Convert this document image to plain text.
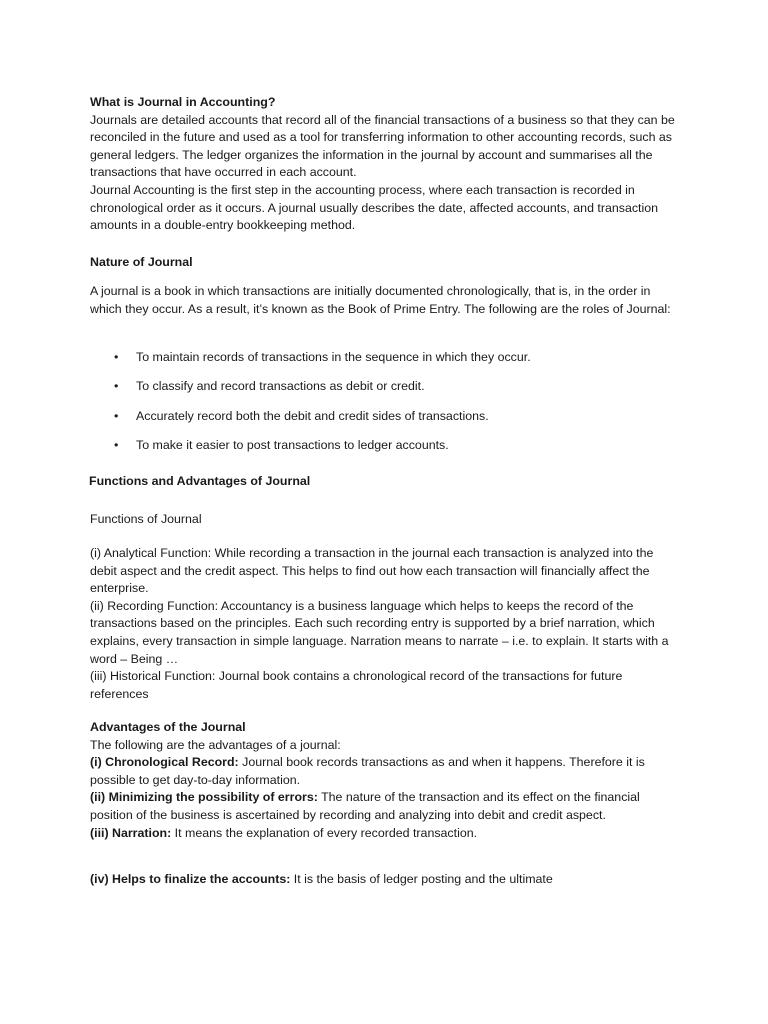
What is Journal in Accounting?
Journals are detailed accounts that record all of the financial transactions of a business so that they can be reconciled in the future and used as a tool for transferring information to other accounting records, such as general ledgers. The ledger organizes the information in the journal by account and summarises all the transactions that have occurred in each account.
Journal Accounting is the first step in the accounting process, where each transaction is recorded in chronological order as it occurs. A journal usually describes the date, affected accounts, and transaction amounts in a double-entry bookkeeping method.
Nature of Journal
A journal is a book in which transactions are initially documented chronologically, that is, in the order in which they occur. As a result, it’s known as the Book of Prime Entry. The following are the roles of Journal:
• To maintain records of transactions in the sequence in which they occur.
• To classify and record transactions as debit or credit.
• Accurately record both the debit and credit sides of transactions.
• To make it easier to post transactions to ledger accounts.
Functions and Advantages of Journal
Functions of Journal
(i) Analytical Function: While recording a transaction in the journal each transaction is analyzed into the debit aspect and the credit aspect. This helps to find out how each transaction will financially affect the enterprise.
(ii) Recording Function: Accountancy is a business language which helps to keeps the record of the transactions based on the principles. Each such recording entry is supported by a brief narration, which explains, every transaction in simple language. Narration means to narrate – i.e. to explain. It starts with a word – Being …
(iii) Historical Function: Journal book contains a chronological record of the transactions for future references
Advantages of the Journal
The following are the advantages of a journal:
(i) Chronological Record: Journal book records transactions as and when it happens. Therefore it is possible to get day-to-day information.
(ii) Minimizing the possibility of errors: The nature of the transaction and its effect on the financial position of the business is ascertained by recording and analyzing into debit and credit aspect.
(iii) Narration: It means the explanation of every recorded transaction.
(iv) Helps to finalize the accounts: It is the basis of ledger posting and the ultimate
